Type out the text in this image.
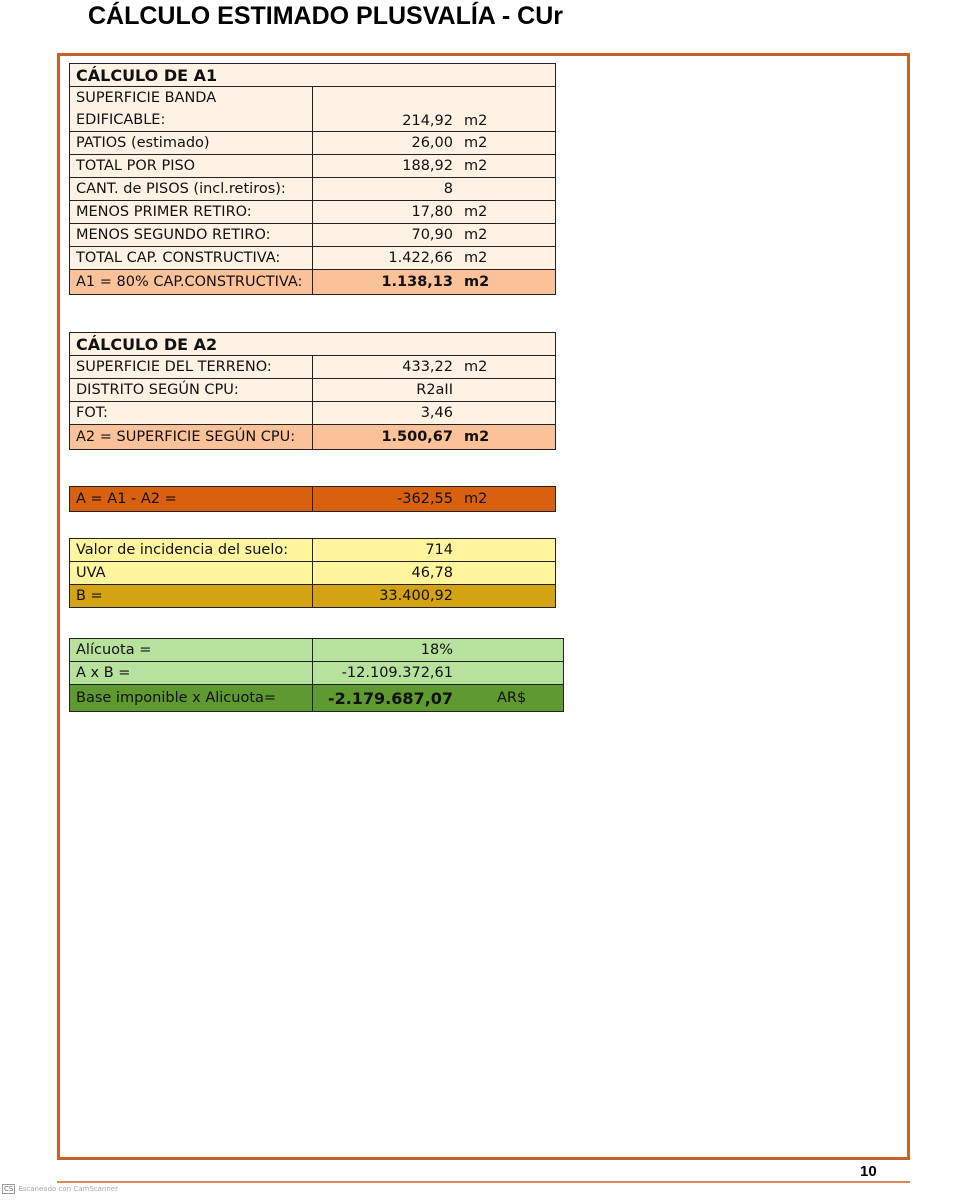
CÁLCULO ESTIMADO PLUSVALÍA - CUr
CÁLCULO DE A1	
SUPERFICIE BANDA EDIFICABLE:	214,92 m2

PATIOS (estimado)	26,00 m2

TOTAL POR PISO	188,92 m2

CANT. de PISOS (incl.retiros):	8

MENOS PRIMER RETIRO:	17,80 m2

MENOS SEGUNDO RETIRO:	70,90 m2

TOTAL CAP. CONSTRUCTIVA:	1.422,66 m2

A1 = 80% CAP.CONSTRUCTIVA:	1.138,13 m2
CÁLCULO DE A2	
SUPERFICIE DEL TERRENO:	433,22 m2

DISTRITO SEGÚN CPU:	R2aII

FOT:	3,46

A2 = SUPERFICIE SEGÚN CPU:	1.500,67 m2
A = A1 - A2 =	-362,55 m2
Valor de incidencia del suelo:	714

UVA	46,78

B =	33.400,92
Alícuota =	18%

A x B =	-12.109.372,61

Base imponible x Alicuota=	-2.179.687,07 AR$
10
CS Escaneado con CamScanner
